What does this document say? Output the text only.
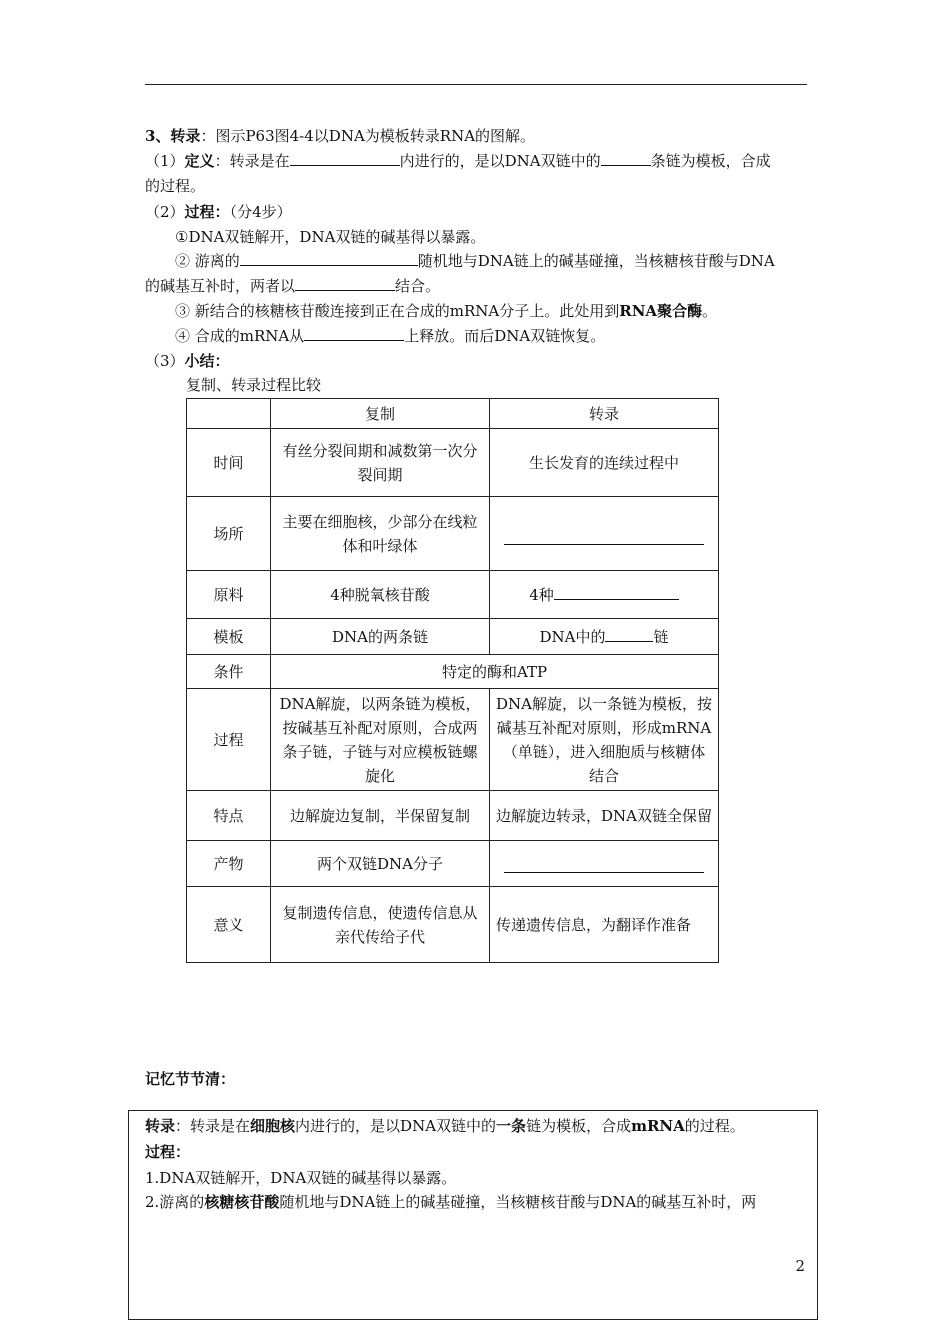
3、转录：图示P63图4-4以DNA为模板转录RNA的图解。
（1）定义：转录是在	内进行的，是以DNA双链中的	条链为模板，合成
的过程。
（2）过程：（分4步）
①DNA双链解开，DNA双链的碱基得以暴露。
② 游离的	随机地与DNA链上的碱基碰撞，当核糖核苷酸与DNA
的碱基互补时，两者以	结合。
③ 新结合的核糖核苷酸连接到正在合成的mRNA分子上。此处用到RNA聚合酶。
④ 合成的mRNA从	上释放。而后DNA双链恢复。
（3）小结：
复制、转录过程比较
	复制	转录
时间	有丝分裂间期和减数第一次分裂间期	生长发育的连续过程中
场所	主要在细胞核，少部分在线粒体和叶绿体	
原料	4种脱氧核苷酸	4种
模板	DNA的两条链	DNA中的 链
条件	特定的酶和ATP	
过程	DNA解旋，以两条链为模板，按碱基互补配对原则，合成两条子链，子链与对应模板链螺旋化	DNA解旋，以一条链为模板，按碱基互补配对原则，形成mRNA（单链），进入细胞质与核糖体结合
特点	边解旋边复制，半保留复制	边解旋边转录，DNA双链全保留
产物	两个双链DNA分子	
意义	复制遗传信息，使遗传信息从亲代传给子代	传递遗传信息，为翻译作准备
记忆节节清：
转录：转录是在细胞核内进行的，是以DNA双链中的一条链为模板，合成mRNA的过程。
过程：
1.DNA双链解开，DNA双链的碱基得以暴露。
2.游离的核糖核苷酸随机地与DNA链上的碱基碰撞，当核糖核苷酸与DNA的碱基互补时，两
2
